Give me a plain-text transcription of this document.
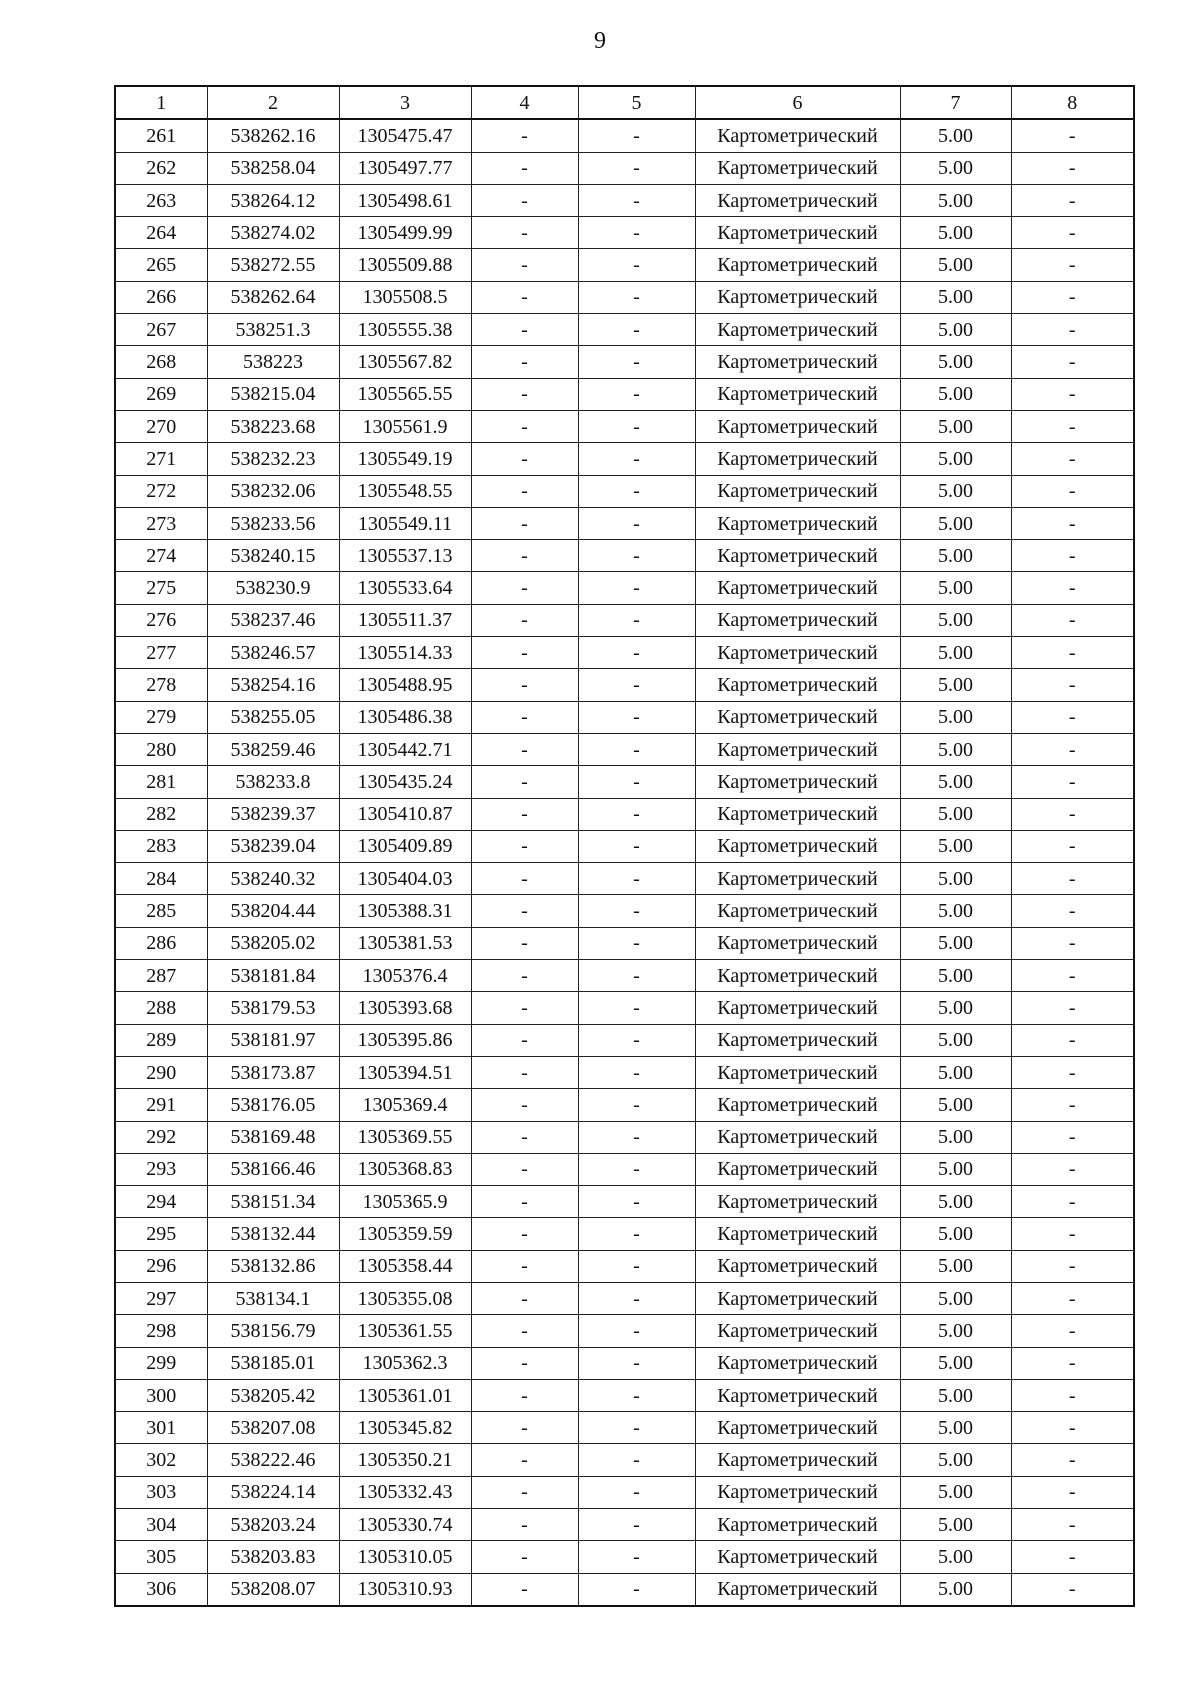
9
1	2	3	4	5	6	7	8
261	538262.16	1305475.47	-	-	Картометрический	5.00	-
262	538258.04	1305497.77	-	-	Картометрический	5.00	-
263	538264.12	1305498.61	-	-	Картометрический	5.00	-
264	538274.02	1305499.99	-	-	Картометрический	5.00	-
265	538272.55	1305509.88	-	-	Картометрический	5.00	-
266	538262.64	1305508.5	-	-	Картометрический	5.00	-
267	538251.3	1305555.38	-	-	Картометрический	5.00	-
268	538223	1305567.82	-	-	Картометрический	5.00	-
269	538215.04	1305565.55	-	-	Картометрический	5.00	-
270	538223.68	1305561.9	-	-	Картометрический	5.00	-
271	538232.23	1305549.19	-	-	Картометрический	5.00	-
272	538232.06	1305548.55	-	-	Картометрический	5.00	-
273	538233.56	1305549.11	-	-	Картометрический	5.00	-
274	538240.15	1305537.13	-	-	Картометрический	5.00	-
275	538230.9	1305533.64	-	-	Картометрический	5.00	-
276	538237.46	1305511.37	-	-	Картометрический	5.00	-
277	538246.57	1305514.33	-	-	Картометрический	5.00	-
278	538254.16	1305488.95	-	-	Картометрический	5.00	-
279	538255.05	1305486.38	-	-	Картометрический	5.00	-
280	538259.46	1305442.71	-	-	Картометрический	5.00	-
281	538233.8	1305435.24	-	-	Картометрический	5.00	-
282	538239.37	1305410.87	-	-	Картометрический	5.00	-
283	538239.04	1305409.89	-	-	Картометрический	5.00	-
284	538240.32	1305404.03	-	-	Картометрический	5.00	-
285	538204.44	1305388.31	-	-	Картометрический	5.00	-
286	538205.02	1305381.53	-	-	Картометрический	5.00	-
287	538181.84	1305376.4	-	-	Картометрический	5.00	-
288	538179.53	1305393.68	-	-	Картометрический	5.00	-
289	538181.97	1305395.86	-	-	Картометрический	5.00	-
290	538173.87	1305394.51	-	-	Картометрический	5.00	-
291	538176.05	1305369.4	-	-	Картометрический	5.00	-
292	538169.48	1305369.55	-	-	Картометрический	5.00	-
293	538166.46	1305368.83	-	-	Картометрический	5.00	-
294	538151.34	1305365.9	-	-	Картометрический	5.00	-
295	538132.44	1305359.59	-	-	Картометрический	5.00	-
296	538132.86	1305358.44	-	-	Картометрический	5.00	-
297	538134.1	1305355.08	-	-	Картометрический	5.00	-
298	538156.79	1305361.55	-	-	Картометрический	5.00	-
299	538185.01	1305362.3	-	-	Картометрический	5.00	-
300	538205.42	1305361.01	-	-	Картометрический	5.00	-
301	538207.08	1305345.82	-	-	Картометрический	5.00	-
302	538222.46	1305350.21	-	-	Картометрический	5.00	-
303	538224.14	1305332.43	-	-	Картометрический	5.00	-
304	538203.24	1305330.74	-	-	Картометрический	5.00	-
305	538203.83	1305310.05	-	-	Картометрический	5.00	-
306	538208.07	1305310.93	-	-	Картометрический	5.00	-
